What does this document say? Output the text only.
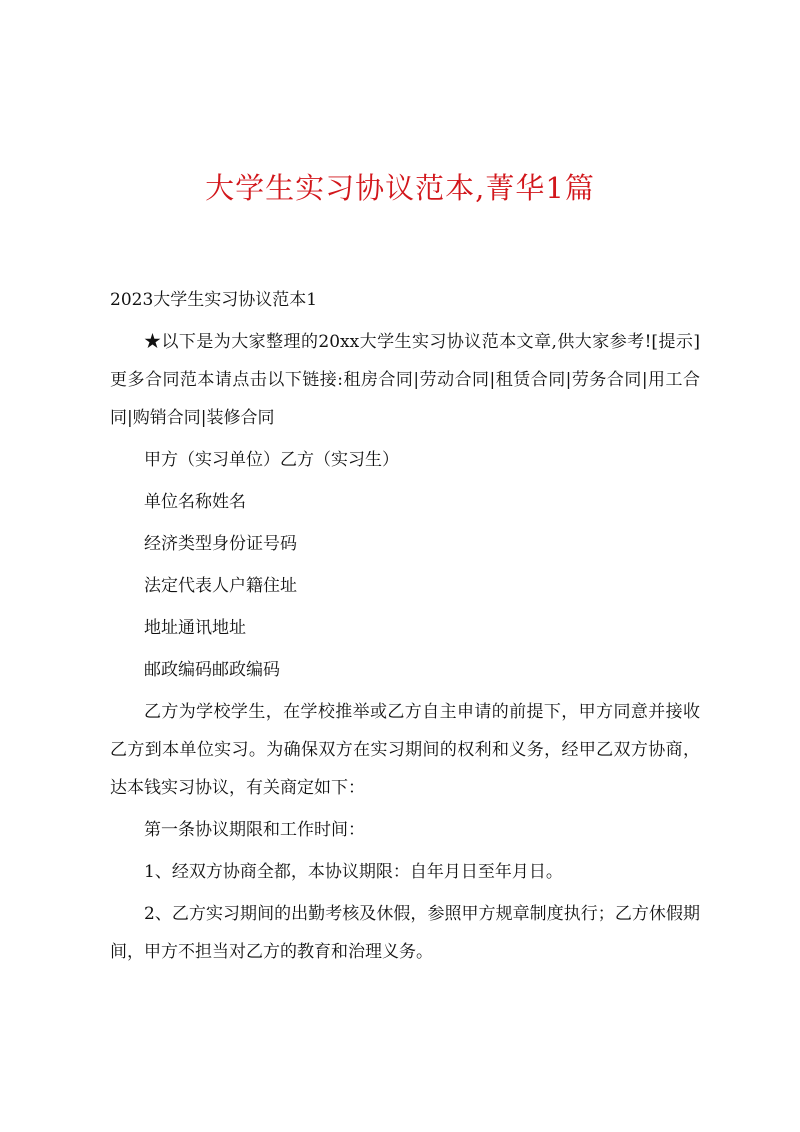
大学生实习协议范本,菁华1篇
2023大学生实习协议范本1

★以下是为大家整理的20xx大学生实习协议范本文章,供大家参考![提示]更多合同范本请点击以下链接:租房合同|劳动合同|租赁合同|劳务合同|用工合同|购销合同|装修合同

甲方（实习单位）乙方（实习生）

单位名称姓名

经济类型身份证号码

法定代表人户籍住址

地址通讯地址

邮政编码邮政编码

乙方为学校学生，在学校推举或乙方自主申请的前提下，甲方同意并接收乙方到本单位实习。为确保双方在实习期间的权利和义务，经甲乙双方协商，达本钱实习协议，有关商定如下：

第一条协议期限和工作时间：

1、经双方协商全都，本协议期限：自年月日至年月日。

2、乙方实习期间的出勤考核及休假，参照甲方规章制度执行；乙方休假期间，甲方不担当对乙方的教育和治理义务。
